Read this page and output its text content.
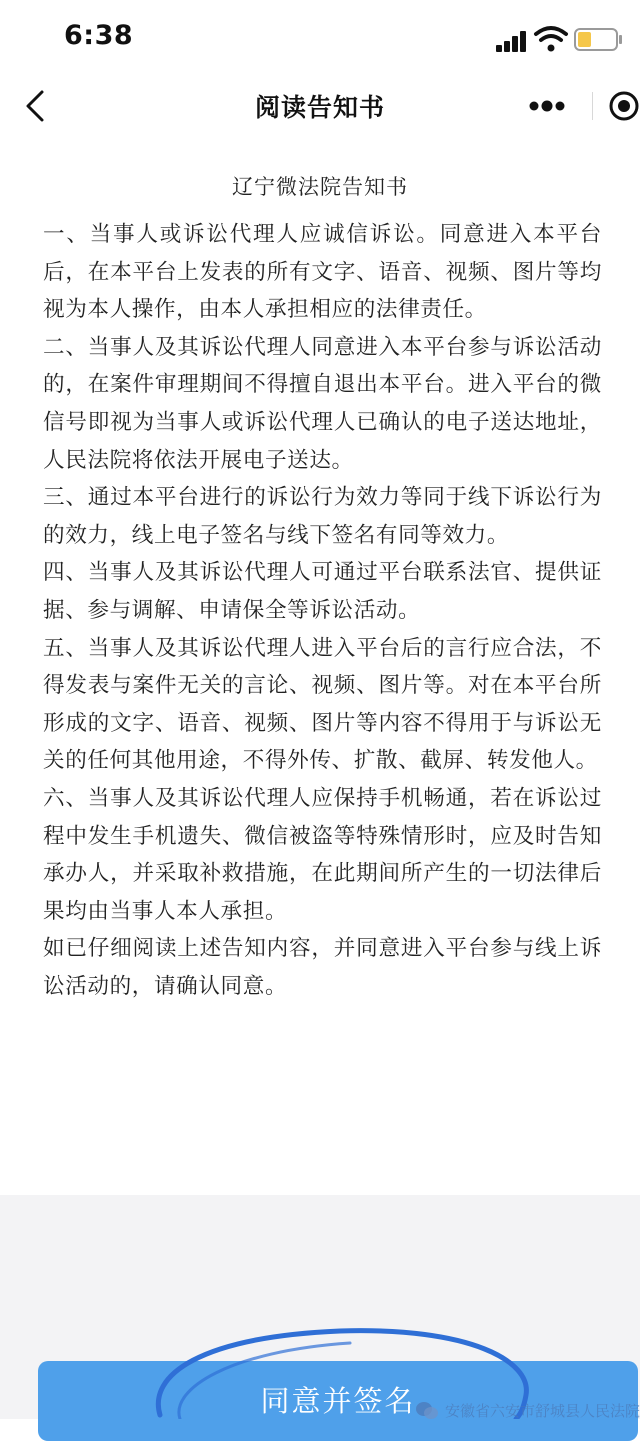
6:38
阅读告知书
辽宁微法院告知书

一、当事人或诉讼代理人应诚信诉讼。同意进入本平台后，在本平台上发表的所有文字、语音、视频、图片等均视为本人操作，由本人承担相应的法律责任。

二、当事人及其诉讼代理人同意进入本平台参与诉讼活动的，在案件审理期间不得擅自退出本平台。进入平台的微信号即视为当事人或诉讼代理人已确认的电子送达地址，人民法院将依法开展电子送达。

三、通过本平台进行的诉讼行为效力等同于线下诉讼行为的效力，线上电子签名与线下签名有同等效力。

四、当事人及其诉讼代理人可通过平台联系法官、提供证据、参与调解、申请保全等诉讼活动。

五、当事人及其诉讼代理人进入平台后的言行应合法，不得发表与案件无关的言论、视频、图片等。对在本平台所形成的文字、语音、视频、图片等内容不得用于与诉讼无关的任何其他用途，不得外传、扩散、截屏、转发他人。

六、当事人及其诉讼代理人应保持手机畅通，若在诉讼过程中发生手机遗失、微信被盗等特殊情形时，应及时告知承办人，并采取补救措施，在此期间所产生的一切法律后果均由当事人本人承担。

如已仔细阅读上述告知内容，并同意进入平台参与线上诉讼活动的，请确认同意。

同意并签名	安徽省六安市舒城县人民法院
